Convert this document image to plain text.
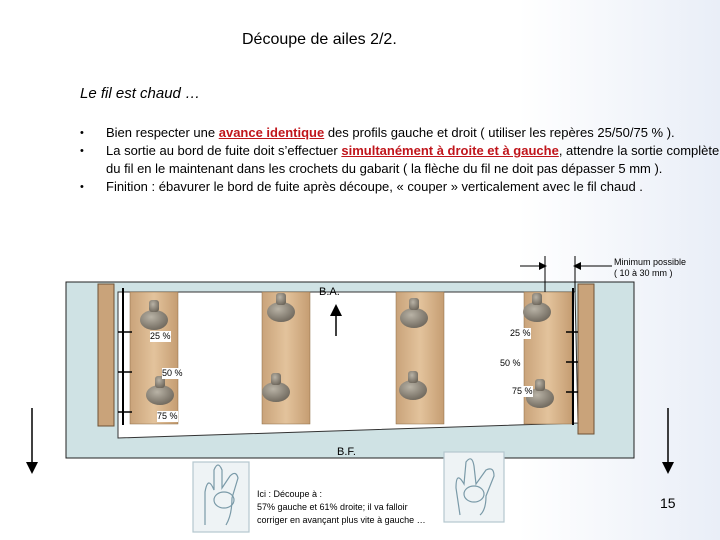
Découpe de ailes 2/2.
Le fil est chaud …
• Bien respecter une avance identique des profils gauche et droit ( utiliser les repères 25/50/75 % ).
• La sortie au bord de fuite doit s’effectuer simultanément à droite et à gauche, attendre la sortie complète du fil en le maintenant dans les crochets du gabarit ( la flèche du fil ne doit pas dépasser 5 mm ).
• Finition : ébavurer le bord de fuite après découpe, « couper » verticalement avec le fil chaud .
Minimum possible
( 10 à 30 mm )
B.A.
B.F.
25 %
50 %
75 %
25 %
50 %
75 %
Ici : Découpe à :
57% gauche et 61% droite; il va falloir
corriger en avançant plus vite à gauche …
15
